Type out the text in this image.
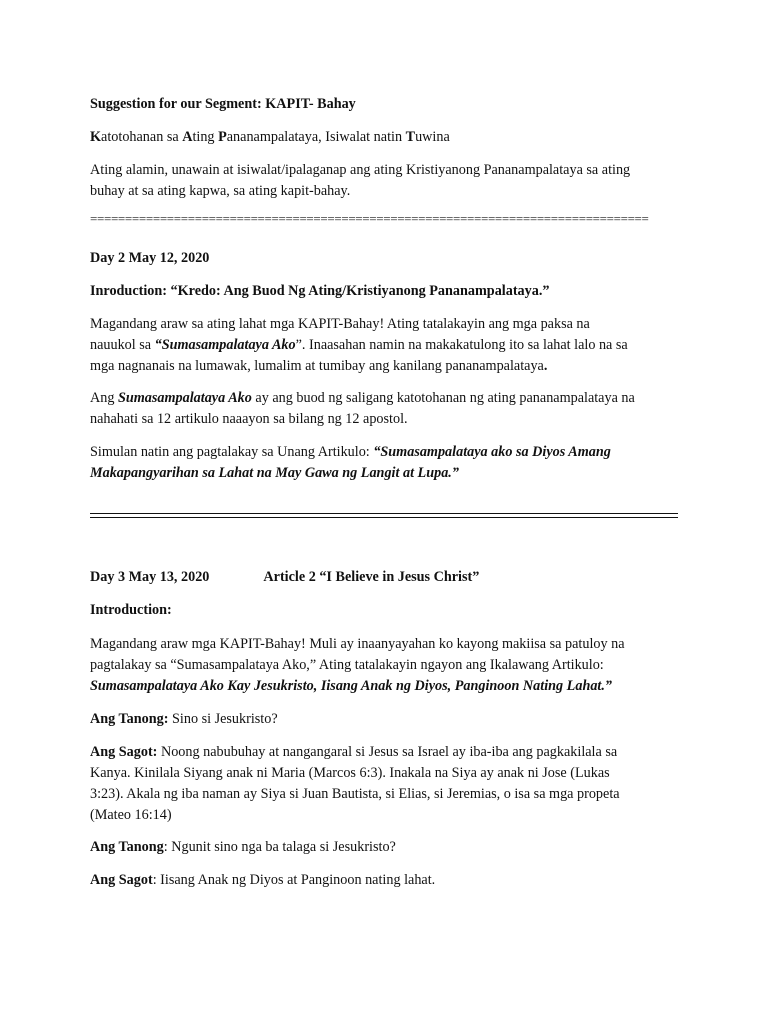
Suggestion for our Segment: KAPIT- Bahay

Katotohanan sa Ating Pananampalataya, Isiwalat natin Tuwina

Ating alamin, unawain at isiwalat/ipalaganap ang ating Kristiyanong Pananampalataya sa ating
buhay at sa ating kapwa, sa ating kapit-bahay.

================================================================================

Day 2 May 12, 2020

Inroduction: “Kredo: Ang Buod Ng Ating/Kristiyanong Pananampalataya.”

Magandang araw sa ating lahat mga KAPIT-Bahay! Ating tatalakayin ang mga paksa na
nauukol sa “Sumasampalataya Ako”. Inaasahan namin na makakatulong ito sa lahat lalo na sa
mga nagnanais na lumawak, lumalim at tumibay ang kanilang pananampalataya.

Ang Sumasampalataya Ako ay ang buod ng saligang katotohanan ng ating pananampalataya na
nahahati sa 12 artikulo naaayon sa bilang ng 12 apostol.

Simulan natin ang pagtalakay sa Unang Artikulo: “Sumasampalataya ako sa Diyos Amang
Makapangyarihan sa Lahat na May Gawa ng Langit at Lupa.”

Day 3 May 13, 2020	Article 2 “I Believe in Jesus Christ”

Introduction:

Magandang araw mga KAPIT-Bahay! Muli ay inaanyayahan ko kayong makiisa sa patuloy na
pagtalakay sa “Sumasampalataya Ako,” Ating tatalakayin ngayon ang Ikalawang Artikulo:
Sumasampalataya Ako Kay Jesukristo, Iisang Anak ng Diyos, Panginoon Nating Lahat.”

Ang Tanong: Sino si Jesukristo?

Ang Sagot: Noong nabubuhay at nangangaral si Jesus sa Israel ay iba-iba ang pagkakilala sa
Kanya. Kinilala Siyang anak ni Maria (Marcos 6:3). Inakala na Siya ay anak ni Jose (Lukas
3:23). Akala ng iba naman ay Siya si Juan Bautista, si Elias, si Jeremias, o isa sa mga propeta
(Mateo 16:14)

Ang Tanong: Ngunit sino nga ba talaga si Jesukristo?

Ang Sagot: Iisang Anak ng Diyos at Panginoon nating lahat.
